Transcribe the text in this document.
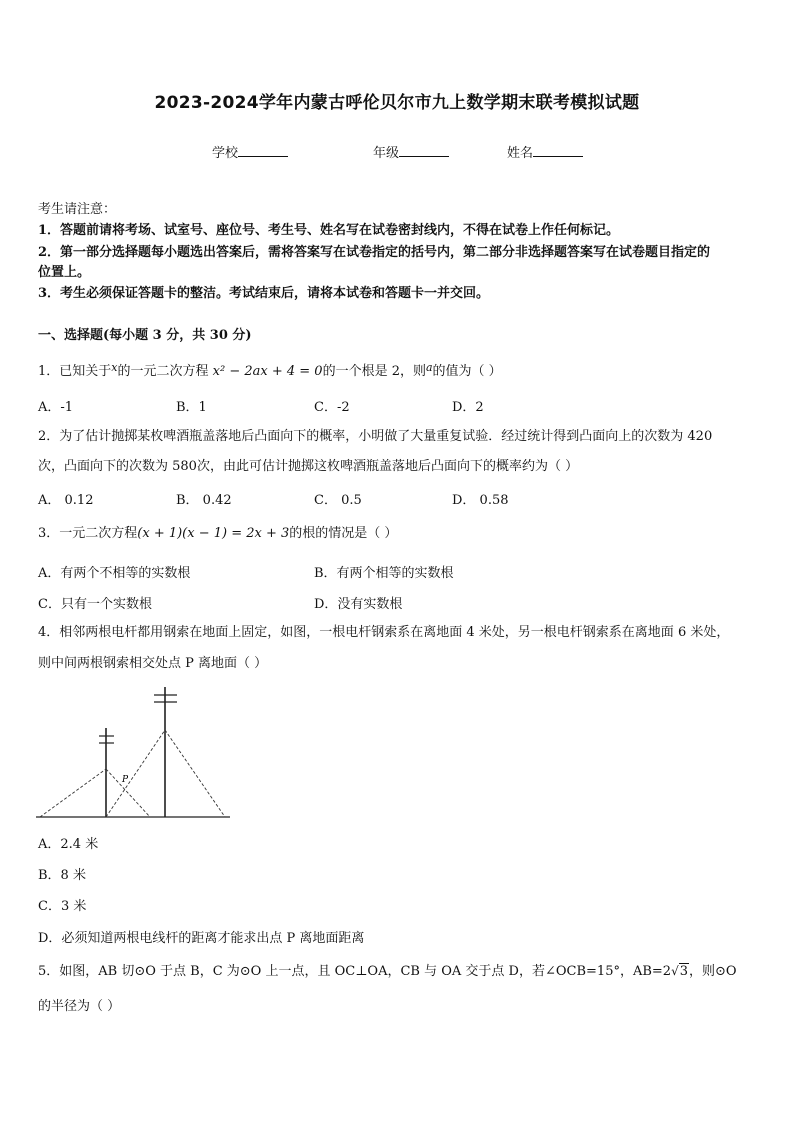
2023-2024学年内蒙古呼伦贝尔市九上数学期末联考模拟试题
学校	年级	姓名
考生请注意：
1．答题前请将考场、试室号、座位号、考生号、姓名写在试卷密封线内，不得在试卷上作任何标记。
2．第一部分选择题每小题选出答案后，需将答案写在试卷指定的括号内，第二部分非选择题答案写在试卷题目指定的
位置上。
3．考生必须保证答题卡的整洁。考试结束后，请将本试卷和答题卡一并交回。
一、选择题(每小题 3 分，共 30 分)
1．已知关于$^x$的一元二次方程 x² − 2ax + 4 = 0的一个根是 2，则$^a$的值为（ ）
A．-1	B．1	C．-2	D．2
2．为了估计抛掷某枚啤酒瓶盖落地后凸面向下的概率，小明做了大量重复试验．经过统计得到凸面向上的次数为 420
次，凸面向下的次数为 580次，由此可估计抛掷这枚啤酒瓶盖落地后凸面向下的概率约为（ ）
A． 0.12	B． 0.42	C． 0.5	D． 0.58
3．一元二次方程(x + 1)(x − 1) = 2x + 3的根的情况是（ ）
A．有两个不相等的实数根	B．有两个相等的实数根
C．只有一个实数根	D．没有实数根
4．相邻两根电杆都用钢索在地面上固定，如图，一根电杆钢索系在离地面 4 米处，另一根电杆钢索系在离地面 6 米处，
则中间两根钢索相交处点 P 离地面（ ）
P
A．2.4 米
B．8 米
C．3 米
D．必须知道两根电线杆的距离才能求出点 P 离地面距离
5．如图，AB 切⊙O 于点 B，C 为⊙O 上一点，且 OC⊥OA，CB 与 OA 交于点 D，若∠OCB=15°，AB=2√3，则⊙O
的半径为（ ）
